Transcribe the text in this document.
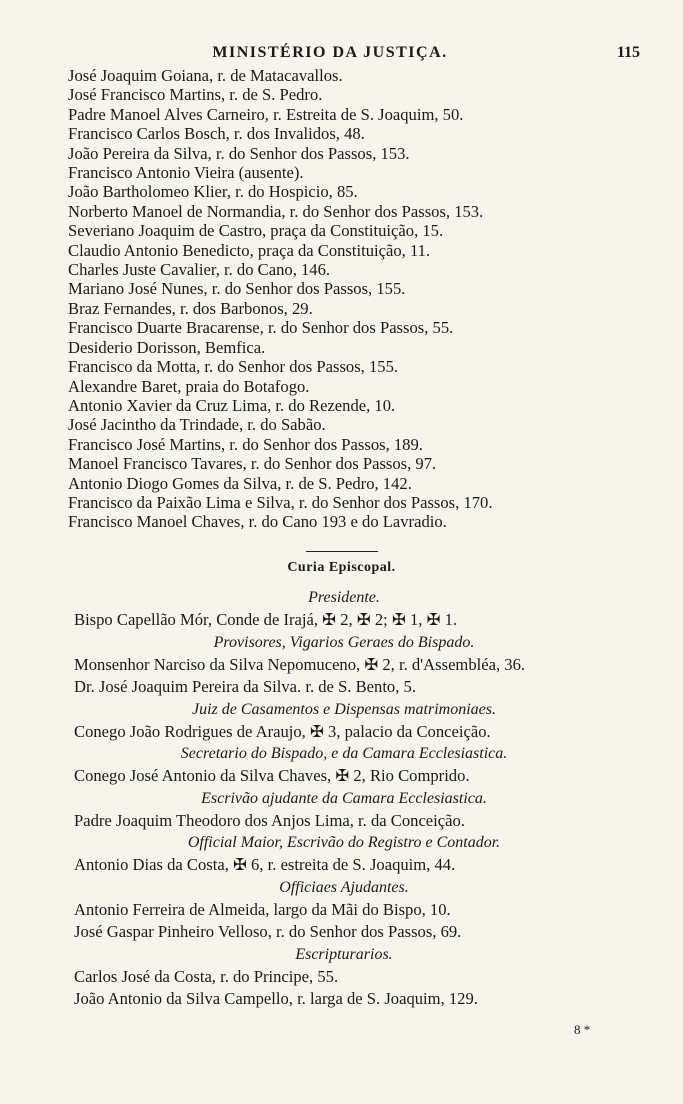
MINISTÉRIO DA JUSTIÇA.	115
José Joaquim Goiana, r. de Matacavallos.
José Francisco Martins, r. de S. Pedro.
Padre Manoel Alves Carneiro, r. Estreita de S. Joaquim, 50.
Francisco Carlos Bosch, r. dos Invalidos, 48.
João Pereira da Silva, r. do Senhor dos Passos, 153.
Francisco Antonio Vieira (ausente).
João Bartholomeo Klier, r. do Hospicio, 85.
Norberto Manoel de Normandia, r. do Senhor dos Passos, 153.
Severiano Joaquim de Castro, praça da Constituição, 15.
Claudio Antonio Benedicto, praça da Constituição, 11.
Charles Juste Cavalier, r. do Cano, 146.
Mariano José Nunes, r. do Senhor dos Passos, 155.
Braz Fernandes, r. dos Barbonos, 29.
Francisco Duarte Bracarense, r. do Senhor dos Passos, 55.
Desiderio Dorisson, Bemfica.
Francisco da Motta, r. do Senhor dos Passos, 155.
Alexandre Baret, praia do Botafogo.
Antonio Xavier da Cruz Lima, r. do Rezende, 10.
José Jacintho da Trindade, r. do Sabão.
Francisco José Martins, r. do Senhor dos Passos, 189.
Manoel Francisco Tavares, r. do Senhor dos Passos, 97.
Antonio Diogo Gomes da Silva, r. de S. Pedro, 142.
Francisco da Paixão Lima e Silva, r. do Senhor dos Passos, 170.
Francisco Manoel Chaves, r. do Cano 193 e do Lavradio.
Curia Episcopal.
Presidente.
Bispo Capellão Mór, Conde de Irajá, ✠ 2, ✠ 2; ✠ 1, ✠ 1.
Provisores, Vigarios Geraes do Bispado.
Monsenhor Narciso da Silva Nepomuceno, ✠ 2, r. d'Assembléa, 36.
Dr. José Joaquim Pereira da Silva. r. de S. Bento, 5.
Juiz de Casamentos e Dispensas matrimoniaes.
Conego João Rodrigues de Araujo, ✠ 3, palacio da Conceição.
Secretario do Bispado, e da Camara Ecclesiastica.
Conego José Antonio da Silva Chaves, ✠ 2, Rio Comprido.
Escrivão ajudante da Camara Ecclesiastica.
Padre Joaquim Theodoro dos Anjos Lima, r. da Conceição.
Official Maior, Escrivão do Registro e Contador.
Antonio Dias da Costa, ✠ 6, r. estreita de S. Joaquim, 44.
Officiaes Ajudantes.
Antonio Ferreira de Almeida, largo da Mãi do Bispo, 10.
José Gaspar Pinheiro Velloso, r. do Senhor dos Passos, 69.
Escripturarios.
Carlos José da Costa, r. do Principe, 55.
João Antonio da Silva Campello, r. larga de S. Joaquim, 129.
8 *
